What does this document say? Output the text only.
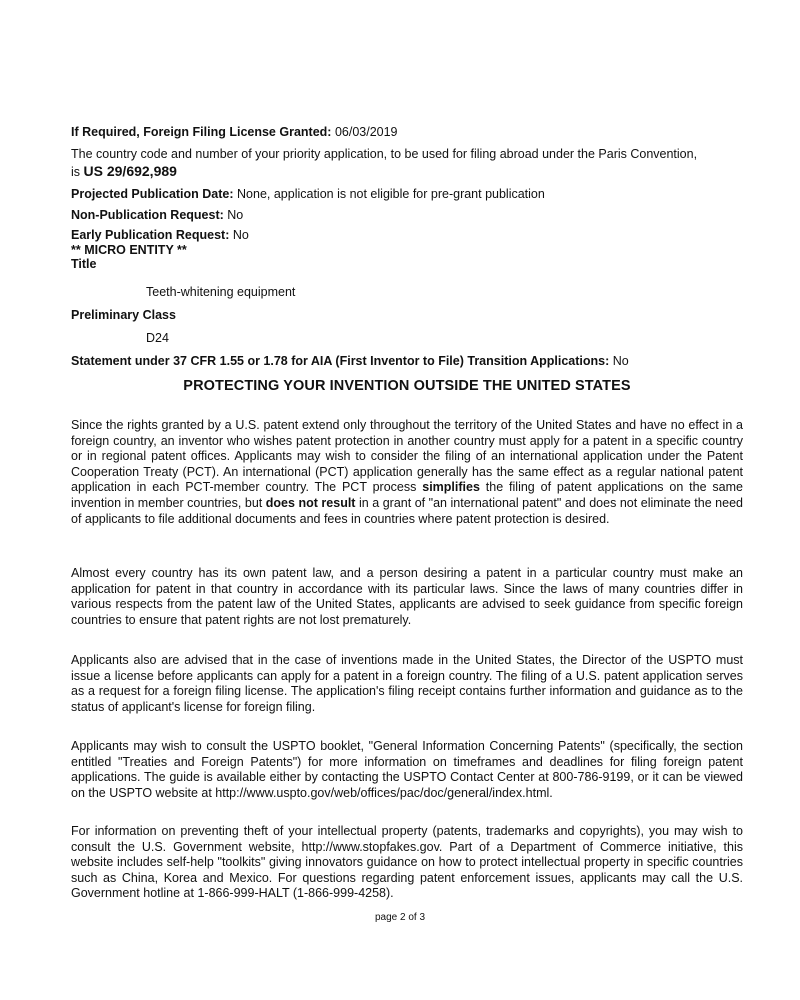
If Required, Foreign Filing License Granted: 06/03/2019
The country code and number of your priority application, to be used for filing abroad under the Paris Convention,
is US 29/692,989
Projected Publication Date: None, application is not eligible for pre-grant publication
Non-Publication Request: No
Early Publication Request: No
** MICRO ENTITY **
Title
Teeth-whitening equipment
Preliminary Class
D24
Statement under 37 CFR 1.55 or 1.78 for AIA (First Inventor to File) Transition Applications: No
PROTECTING YOUR INVENTION OUTSIDE THE UNITED STATES
Since the rights granted by a U.S. patent extend only throughout the territory of the United States and have no effect in a foreign country, an inventor who wishes patent protection in another country must apply for a patent in a specific country or in regional patent offices. Applicants may wish to consider the filing of an international application under the Patent Cooperation Treaty (PCT). An international (PCT) application generally has the same effect as a regular national patent application in each PCT-member country. The PCT process simplifies the filing of patent applications on the same invention in member countries, but does not result in a grant of "an international patent" and does not eliminate the need of applicants to file additional documents and fees in countries where patent protection is desired.
Almost every country has its own patent law, and a person desiring a patent in a particular country must make an application for patent in that country in accordance with its particular laws. Since the laws of many countries differ in various respects from the patent law of the United States, applicants are advised to seek guidance from specific foreign countries to ensure that patent rights are not lost prematurely.
Applicants also are advised that in the case of inventions made in the United States, the Director of the USPTO must issue a license before applicants can apply for a patent in a foreign country. The filing of a U.S. patent application serves as a request for a foreign filing license. The application's filing receipt contains further information and guidance as to the status of applicant's license for foreign filing.
Applicants may wish to consult the USPTO booklet, "General Information Concerning Patents" (specifically, the section entitled "Treaties and Foreign Patents") for more information on timeframes and deadlines for filing foreign patent applications. The guide is available either by contacting the USPTO Contact Center at 800-786-9199, or it can be viewed on the USPTO website at http://www.uspto.gov/web/offices/pac/doc/general/index.html.
For information on preventing theft of your intellectual property (patents, trademarks and copyrights), you may wish to consult the U.S. Government website, http://www.stopfakes.gov. Part of a Department of Commerce initiative, this website includes self-help "toolkits" giving innovators guidance on how to protect intellectual property in specific countries such as China, Korea and Mexico. For questions regarding patent enforcement issues, applicants may call the U.S. Government hotline at 1-866-999-HALT (1-866-999-4258).
page 2 of 3
